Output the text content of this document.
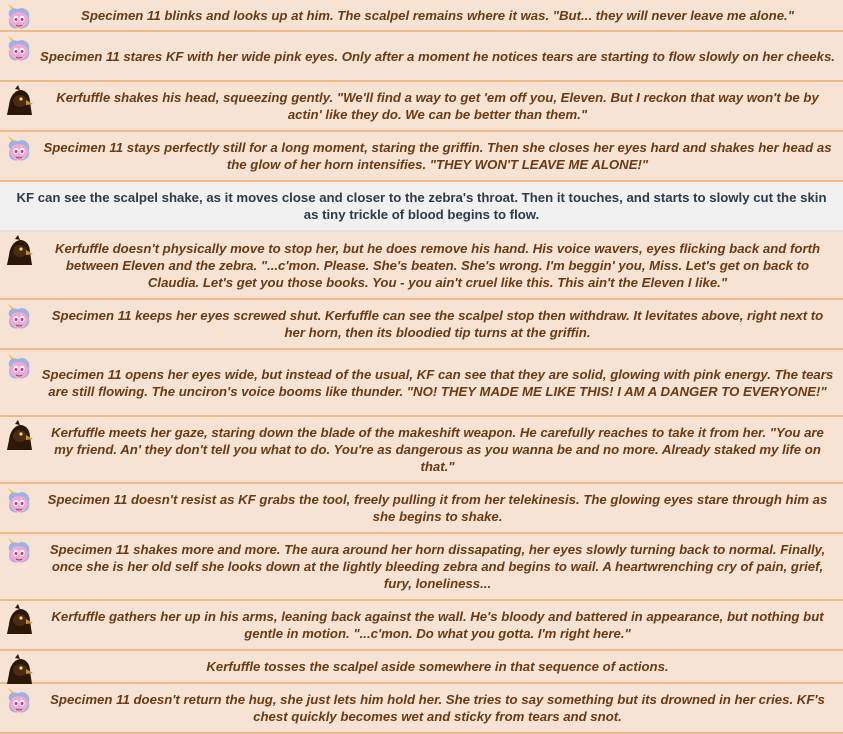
Specimen 11 blinks and looks up at him. The scalpel remains where it was. "But... they will never leave me alone."
Specimen 11 stares KF with her wide pink eyes. Only after a moment he notices tears are starting to flow slowly on her cheeks.
Kerfuffle shakes his head, squeezing gently. "We'll find a way to get 'em off you, Eleven. But I reckon that way won't be by actin' like they do. We can be better than them."
Specimen 11 stays perfectly still for a long moment, staring the griffin. Then she closes her eyes hard and shakes her head as the glow of her horn intensifies. "THEY WON'T LEAVE ME ALONE!"
KF can see the scalpel shake, as it moves close and closer to the zebra's throat. Then it touches, and starts to slowly cut the skin as tiny trickle of blood begins to flow.
Kerfuffle doesn't physically move to stop her, but he does remove his hand. His voice wavers, eyes flicking back and forth between Eleven and the zebra. "...c'mon. Please. She's beaten. She's wrong. I'm beggin' you, Miss. Let's get on back to Claudia. Let's get you those books. You - you ain't cruel like this. This ain't the Eleven I like."
Specimen 11 keeps her eyes screwed shut. Kerfuffle can see the scalpel stop then withdraw. It levitates above, right next to her horn, then its bloodied tip turns at the griffin.
Specimen 11 opens her eyes wide, but instead of the usual, KF can see that they are solid, glowing with pink energy. The tears are still flowing. The unciron's voice booms like thunder. "NO! THEY MADE ME LIKE THIS! I AM A DANGER TO EVERYONE!"
Kerfuffle meets her gaze, staring down the blade of the makeshift weapon. He carefully reaches to take it from her. "You are my friend. An' they don't tell you what to do. You're as dangerous as you wanna be and no more. Already staked my life on that."
Specimen 11 doesn't resist as KF grabs the tool, freely pulling it from her telekinesis. The glowing eyes stare through him as she begins to shake.
Specimen 11 shakes more and more. The aura around her horn dissapating, her eyes slowly turning back to normal. Finally, once she is her old self she looks down at the lightly bleeding zebra and begins to wail. A heartwrenching cry of pain, grief, fury, loneliness...
Kerfuffle gathers her up in his arms, leaning back against the wall. He's bloody and battered in appearance, but nothing but gentle in motion. "...c'mon. Do what you gotta. I'm right here."
Kerfuffle tosses the scalpel aside somewhere in that sequence of actions.
Specimen 11 doesn't return the hug, she just lets him hold her. She tries to say something but its drowned in her cries. KF's chest quickly becomes wet and sticky from tears and snot.
